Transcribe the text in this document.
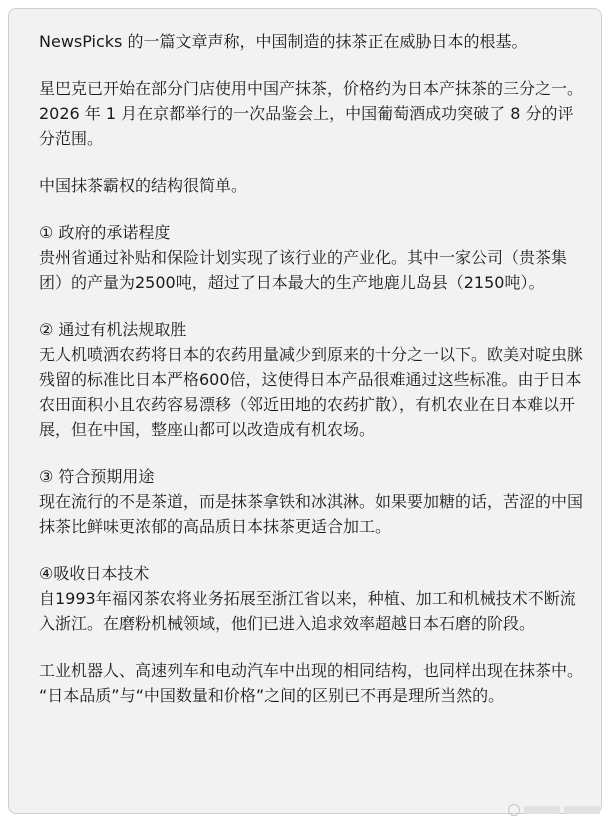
NewsPicks 的一篇文章声称，中国制造的抹茶正在威胁日本的根基。

星巴克已开始在部分门店使用中国产抹茶，价格约为日本产抹茶的三分之一。

2026 年 1 月在京都举行的一次品鉴会上，中国葡萄酒成功突破了 8 分的评分范围。

中国抹茶霸权的结构很简单。

① 政府的承诺程度

贵州省通过补贴和保险计划实现了该行业的产业化。其中一家公司（贵茶集团）的产量为2500吨，超过了日本最大的生产地鹿儿岛县（2150吨）。

② 通过有机法规取胜

无人机喷洒农药将日本的农药用量减少到原来的十分之一以下。欧美对啶虫脒残留的标准比日本严格600倍，这使得日本产品很难通过这些标准。由于日本农田面积小且农药容易漂移（邻近田地的农药扩散），有机农业在日本难以开展，但在中国，整座山都可以改造成有机农场。

③ 符合预期用途

现在流行的不是茶道，而是抹茶拿铁和冰淇淋。如果要加糖的话，苦涩的中国抹茶比鲜味更浓郁的高品质日本抹茶更适合加工。

④吸收日本技术

自1993年福冈茶农将业务拓展至浙江省以来，种植、加工和机械技术不断流入浙江。在磨粉机械领域，他们已进入追求效率超越日本石磨的阶段。

工业机器人、高速列车和电动汽车中出现的相同结构，也同样出现在抹茶中。

“日本品质”与“中国数量和价格”之间的区别已不再是理所当然的。
